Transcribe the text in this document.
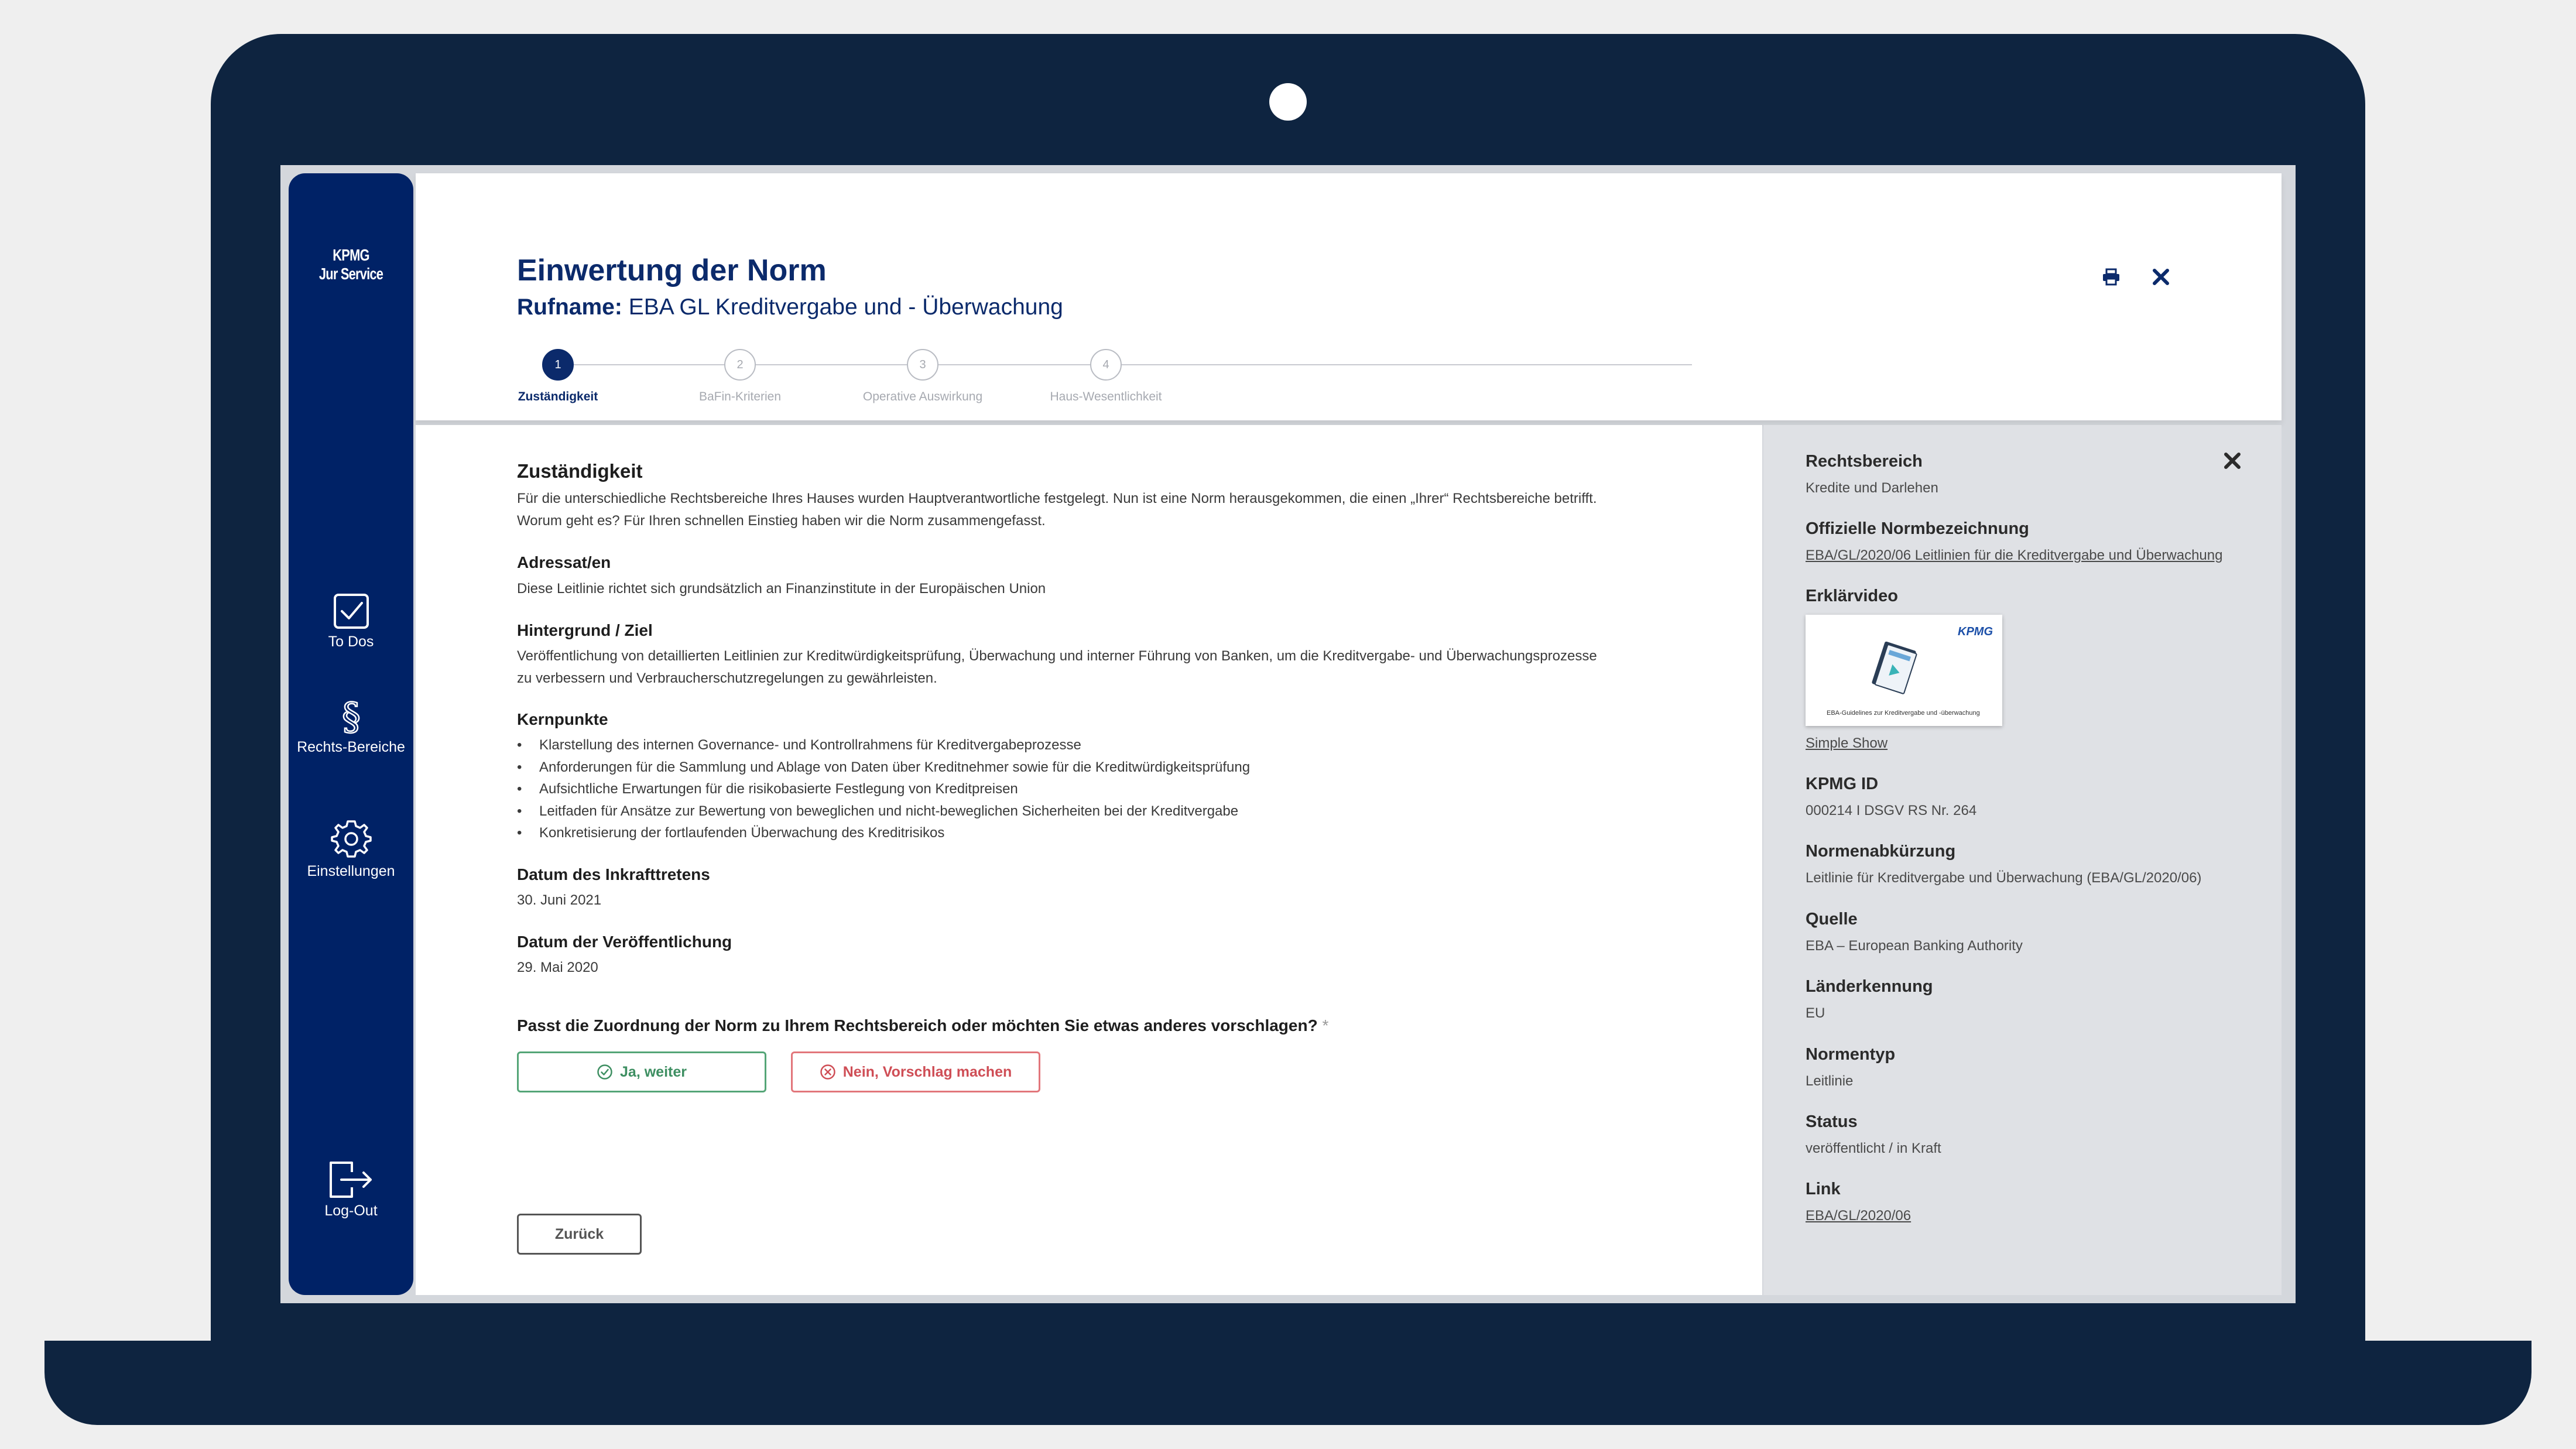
KPMG
Jur Service
To Dos
§
Rechts-Bereiche
Einstellungen
Log-Out
Einwertung der Norm
Rufname: EBA GL Kreditvergabe und - Überwachung
1	2	3	4
Zuständigkeit	BaFin-Kriterien	Operative Auswirkung	Haus-Wesentlichkeit
Zuständigkeit
Für die unterschiedliche Rechtsbereiche Ihres Hauses wurden Hauptverantwortliche festgelegt. Nun ist eine Norm herausgekommen, die einen „Ihrer“ Rechtsbereiche betrifft.
Worum geht es? Für Ihren schnellen Einstieg haben wir die Norm zusammengefasst.
Adressat/en
Diese Leitlinie richtet sich grundsätzlich an Finanzinstitute in der Europäischen Union
Hintergrund / Ziel
Veröffentlichung von detaillierten Leitlinien zur Kreditwürdigkeitsprüfung, Überwachung und interner Führung von Banken, um die Kreditvergabe- und Überwachungsprozesse
zu verbessern und Verbraucherschutzregelungen zu gewährleisten.
Kernpunkte
• Klarstellung des internen Governance- und Kontrollrahmens für Kreditvergabeprozesse
• Anforderungen für die Sammlung und Ablage von Daten über Kreditnehmer sowie für die Kreditwürdigkeitsprüfung
• Aufsichtliche Erwartungen für die risikobasierte Festlegung von Kreditpreisen
• Leitfaden für Ansätze zur Bewertung von beweglichen und nicht-beweglichen Sicherheiten bei der Kreditvergabe
• Konkretisierung der fortlaufenden Überwachung des Kreditrisikos
Datum des Inkrafttretens
30. Juni 2021
Datum der Veröffentlichung
29. Mai 2020
Passt die Zuordnung der Norm zu Ihrem Rechtsbereich oder möchten Sie etwas anderes vorschlagen? *
Ja, weiter	Nein, Vorschlag machen
Zurück
Rechtsbereich
Kredite und Darlehen
Offizielle Normbezeichnung
EBA/GL/2020/06 Leitlinien für die Kreditvergabe und Überwachung
Erklärvideo
KPMG
EBA-Guidelines zur Kreditvergabe und -überwachung
Simple Show
KPMG ID
000214 I DSGV RS Nr. 264
Normenabkürzung
Leitlinie für Kreditvergabe und Überwachung (EBA/GL/2020/06)
Quelle
EBA – European Banking Authority
Länderkennung
EU
Normentyp
Leitlinie
Status
veröffentlicht / in Kraft
Link
EBA/GL/2020/06
